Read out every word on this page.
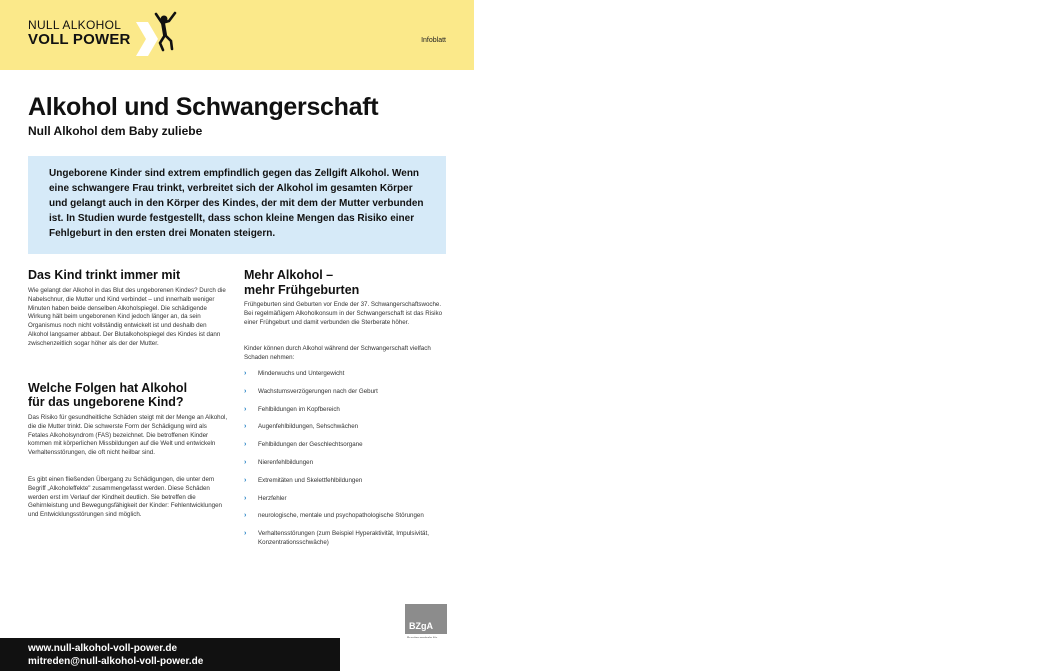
NULL ALKOHOL
VOLL POWER	Infoblatt
Alkohol und Schwangerschaft
Null Alkohol dem Baby zuliebe
Ungeborene Kinder sind extrem empfindlich gegen das Zellgift Alkohol. Wenn eine schwangere Frau trinkt, verbreitet sich der Alkohol im gesamten Körper und gelangt auch in den Körper des Kindes, der mit dem der Mutter verbunden ist. In Studien wurde festgestellt, dass schon kleine Mengen das Risiko einer Fehlgeburt in den ersten drei Monaten steigern.
Das Kind trinkt immer mit
Wie gelangt der Alkohol in das Blut des ungeborenen Kindes? Durch die Nabelschnur, die Mutter und Kind verbindet – und innerhalb weniger Minuten haben beide denselben Alkoholspiegel. Die schädigende Wirkung hält beim ungeborenen Kind jedoch länger an, da sein Organismus noch nicht vollständig entwickelt ist und deshalb den Alkohol langsamer abbaut. Der Blutalkoholspiegel des Kindes ist dann zwischenzeitlich sogar höher als der der Mutter.
Welche Folgen hat Alkohol
für das ungeborene Kind?
Das Risiko für gesundheitliche Schäden steigt mit der Menge an Alkohol, die die Mutter trinkt. Die schwerste Form der Schädigung wird als Fetales Alkoholsyndrom (FAS) bezeichnet. Die betroffenen Kinder kommen mit körperlichen Missbildungen auf die Welt und entwickeln Verhaltensstörungen, die oft nicht heilbar sind.
Es gibt einen fließenden Übergang zu Schädigungen, die unter dem Begriff „Alkoholeffekte" zusammengefasst werden. Diese Schäden werden erst im Verlauf der Kindheit deutlich. Sie betreffen die Gehirnleistung und Bewegungsfähigkeit der Kinder: Fehlentwicklungen und Entwicklungsstörungen sind möglich.
Mehr Alkohol –
mehr Frühgeburten
Frühgeburten sind Geburten vor Ende der 37. Schwangerschaftswoche. Bei regelmäßigem Alkoholkonsum in der Schwangerschaft ist das Risiko einer Frühgeburt und damit verbunden die Sterberate höher.
Kinder können durch Alkohol während der Schwangerschaft vielfach Schaden nehmen:
› Minderwuchs und Untergewicht
› Wachstumsverzögerungen nach der Geburt
› Fehlbildungen im Kopfbereich
› Augenfehlbildungen, Sehschwächen
› Fehlbildungen der Geschlechtsorgane
› Nierenfehlbildungen
› Extremitäten und Skelettfehlbildungen
› Herzfehler
› neurologische, mentale und psychopathologische Störungen
› Verhaltensstörungen (zum Beispiel Hyperaktivität, Impulsivität, Konzentrationsschwäche)
BZgA
www.null-alkohol-voll-power.de
mitreden@null-alkohol-voll-power.de
